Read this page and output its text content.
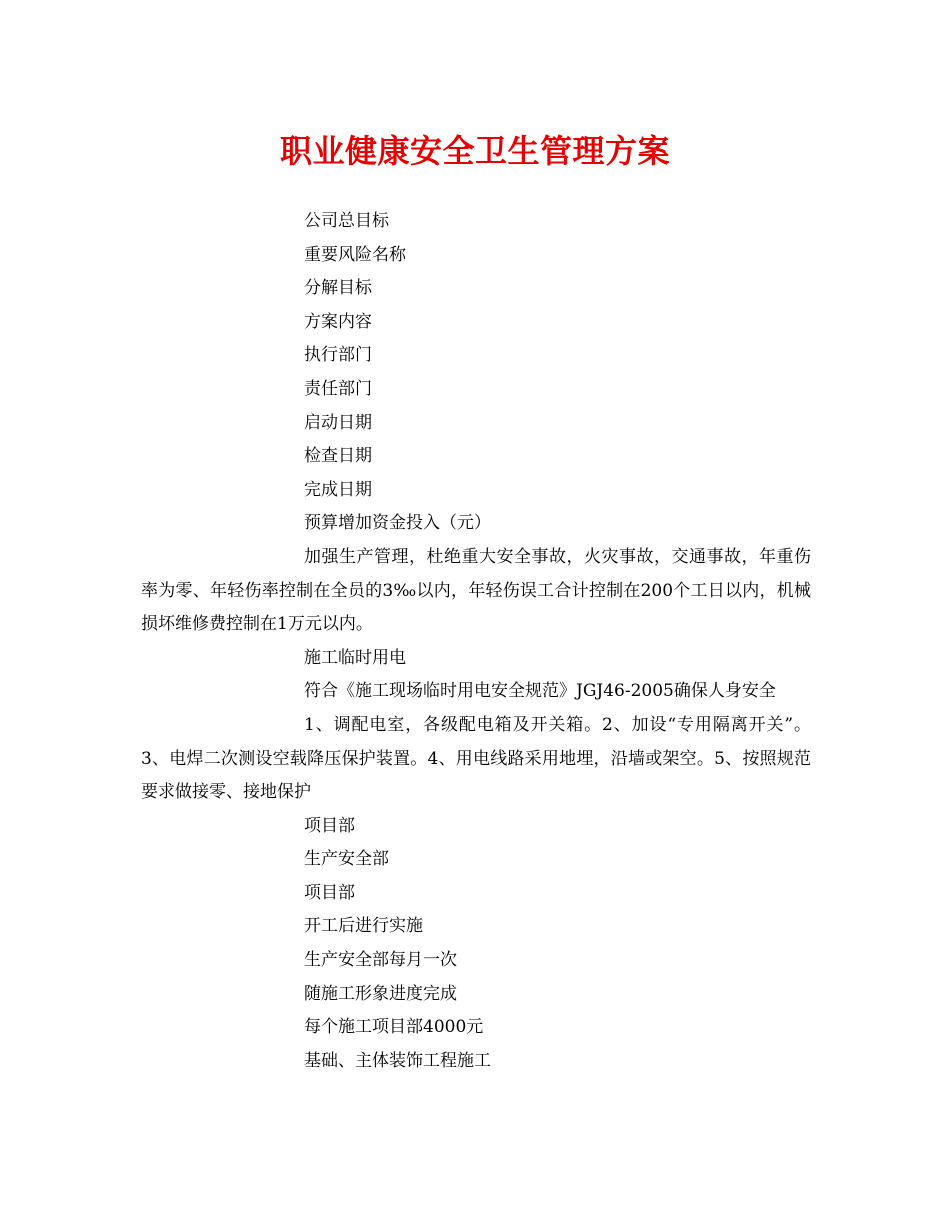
职业健康安全卫生管理方案
公司总目标
重要风险名称
分解目标
方案内容
执行部门
责任部门
启动日期
检查日期
完成日期
预算增加资金投入（元）
加强生产管理，杜绝重大安全事故，火灾事故，交通事故，年重伤率为零、年轻伤率控制在全员的3‰以内，年轻伤误工合计控制在200个工日以内，机械损坏维修费控制在1万元以内。
施工临时用电
符合《施工现场临时用电安全规范》JGJ46-2005确保人身安全
1、调配电室，各级配电箱及开关箱。2、加设“专用隔离开关”。3、电焊二次测设空载降压保护装置。4、用电线路采用地埋，沿墙或架空。5、按照规范要求做接零、接地保护
项目部
生产安全部
项目部
开工后进行实施
生产安全部每月一次
随施工形象进度完成
每个施工项目部4000元
基础、主体装饰工程施工
